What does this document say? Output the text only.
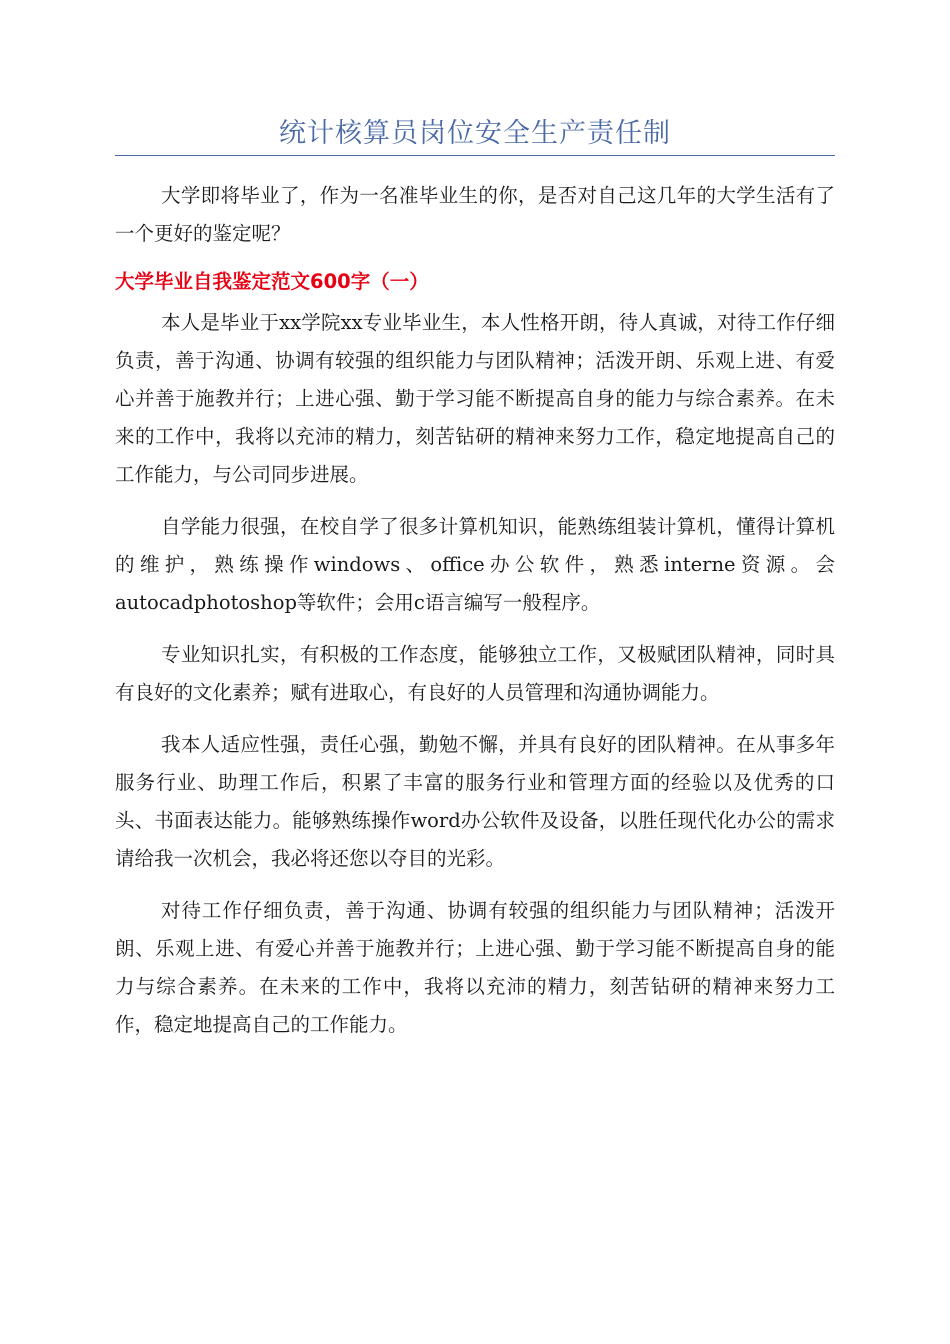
统计核算员岗位安全生产责任制

大学即将毕业了，作为一名准毕业生的你，是否对自己这几年的大学生活有了一个更好的鉴定呢？

大学毕业自我鉴定范文600字（一）

本人是毕业于xx学院xx专业毕业生，本人性格开朗，待人真诚，对待工作仔细负责，善于沟通、协调有较强的组织能力与团队精神；活泼开朗、乐观上进、有爱心并善于施教并行；上进心强、勤于学习能不断提高自身的能力与综合素养。在未来的工作中，我将以充沛的精力，刻苦钻研的精神来努力工作，稳定地提高自己的工作能力，与公司同步进展。

自学能力很强，在校自学了很多计算机知识，能熟练组装计算机，懂得计算机的维护，熟练操作windows、office办公软件，熟悉interne资源。会autocadphotoshop等软件；会用c语言编写一般程序。

专业知识扎实，有积极的工作态度，能够独立工作，又极赋团队精神，同时具有良好的文化素养；赋有进取心，有良好的人员管理和沟通协调能力。

我本人适应性强，责任心强，勤勉不懈，并具有良好的团队精神。在从事多年服务行业、助理工作后，积累了丰富的服务行业和管理方面的经验以及优秀的口头、书面表达能力。能够熟练操作word办公软件及设备，以胜任现代化办公的需求请给我一次机会，我必将还您以夺目的光彩。

对待工作仔细负责，善于沟通、协调有较强的组织能力与团队精神；活泼开朗、乐观上进、有爱心并善于施教并行；上进心强、勤于学习能不断提高自身的能力与综合素养。在未来的工作中，我将以充沛的精力，刻苦钻研的精神来努力工作，稳定地提高自己的工作能力。
